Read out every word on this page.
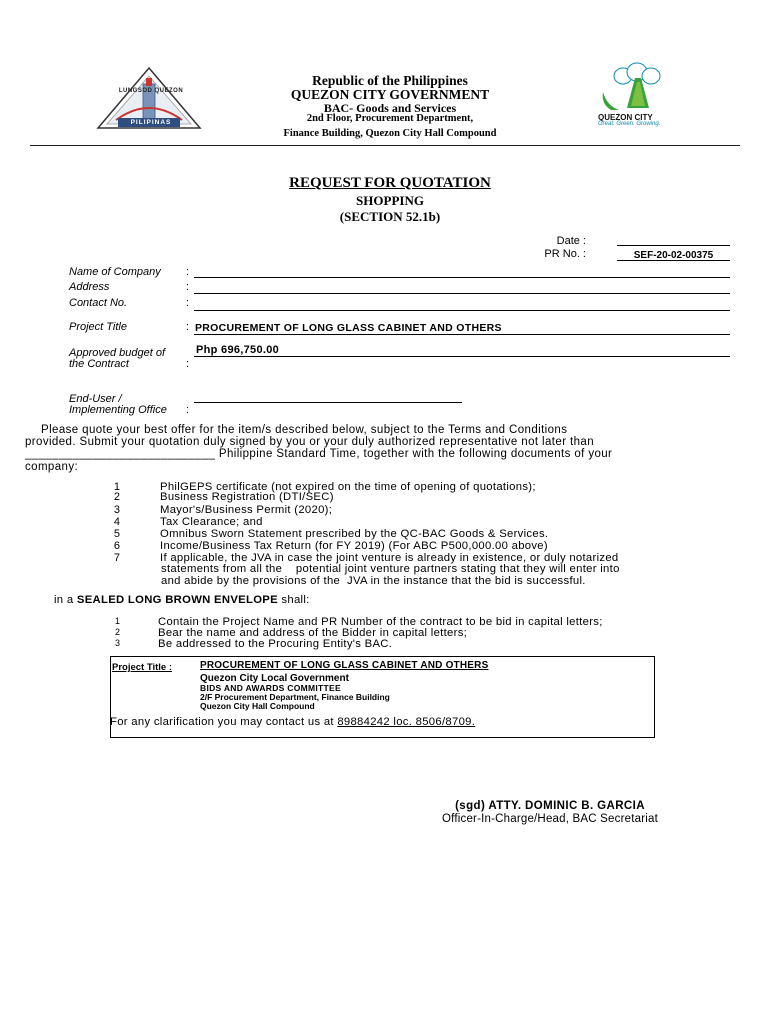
LUNGSOD QUEZON
PILIPINAS
QUEZON CITY
Great. Green. Growing.
Republic of the Philippines
QUEZON CITY GOVERNMENT
BAC- Goods and Services
2nd Floor, Procurement Department,
Finance Building, Quezon City Hall Compound
REQUEST FOR QUOTATION
SHOPPING
(SECTION 52.1b)
Date :
PR No. :	SEF-20-02-00375
Name of Company :
Address	:
Contact No.	:
Project Title	: PROCUREMENT OF LONG GLASS CABINET AND OTHERS
Approved budget of
the Contract	:
Php 696,750.00
End-User /
Implementing Office :
Please quote your best offer for the item/s described below, subject to the Terms and Conditions
provided. Submit your quotation duly signed by you or your duly authorized representative not later than
____________________________ Philippine Standard Time, together with the following documents of your
company:
1	PhilGEPS certificate (not expired on the time of opening of quotations);
2	Business Registration (DTI/SEC)
3	Mayor's/Business Permit (2020);
4	Tax Clearance; and
5	Omnibus Sworn Statement prescribed by the QC-BAC Goods & Services.
6	Income/Business Tax Return (for FY 2019) (For ABC P500,000.00 above)
7	If applicable, the JVA in case the joint venture is already in existence, or duly notarized
statements from all the    potential joint venture partners stating that they will enter into
and abide by the provisions of the  JVA in the instance that the bid is successful.
in a SEALED LONG BROWN ENVELOPE shall:
1	Contain the Project Name and PR Number of the contract to be bid in capital letters;
2	Bear the name and address of the Bidder in capital letters;
3	Be addressed to the Procuring Entity's BAC.
Project Title :	PROCUREMENT OF LONG GLASS CABINET AND OTHERS
Quezon City Local Government
BIDS AND AWARDS COMMITTEE
2/F Procurement Department, Finance Building
Quezon City Hall Compound
For any clarification you may contact us at 89884242 loc. 8506/8709.
(sgd) ATTY. DOMINIC B. GARCIA
Officer-In-Charge/Head, BAC Secretariat
